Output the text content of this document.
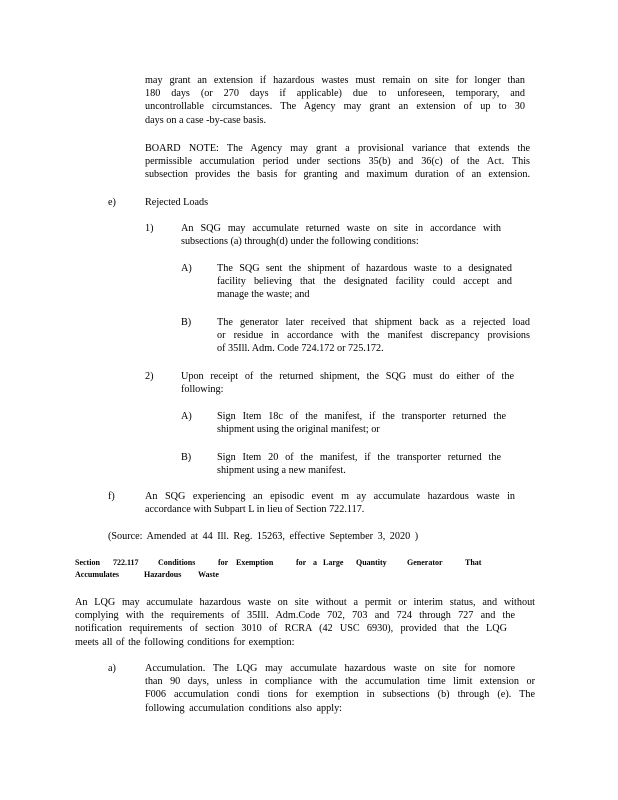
may grant an extension if hazardous wastes must remain on site for longer than
180 days (or 270 days if applicable) due to unforeseen, temporary, and
uncontrollable circumstances. The Agency may grant an extension of up to 30
days on a case -by-case basis.
BOARD NOTE: The Agency may grant a provisional variance that extends the
permissible accumulation period under sections 35(b) and 36(c) of the Act. This
subsection provides the basis for granting and maximum duration of an extension.
e)	Rejected Loads
1)	An SQG may accumulate returned waste on site in accordance with
subsections (a) through(d) under the following conditions:
A) The SQG sent the shipment of hazardous waste to a designated
facility believing that the designated facility could accept and
manage the waste; and
B)	The generator later received that shipment back as a rejected load
or residue in accordance with the manifest discrepancy provisions
of 35Ill. Adm. Code 724.172 or 725.172.
2)	Upon receipt of the returned shipment, the SQG must do either of the
following:
A) Sign Item 18c of the manifest, if the transporter returned the
shipment using the original manifest; or
B)	Sign Item 20 of the manifest, if the transporter returned the
shipment using a new manifest.
f)	An SQG experiencing an episodic event m ay accumulate hazardous waste in
accordance with Subpart L in lieu of Section 722.117.
(Source: Amended at 44 Ill. Reg. 15263, effective September 3, 2020 )
Section 722.117 Conditions	for Exemption	for a Large Quantity	Generator	That
Accumulates	Hazardous Waste
An LQG may accumulate hazardous waste on site without a permit or interim status, and without
complying with the requirements of 35Ill. Adm.Code 702, 703 and 724 through 727 and the
notification requirements of section 3010 of RCRA (42 USC 6930), provided that the LQG
meets all of the following conditions for exemption:
a)	Accumulation. The LQG may accumulate hazardous waste on site for nomore
than 90 days, unless in compliance with the accumulation time limit extension or
F006 accumulation condi tions for exemption in subsections (b) through (e). The
following accumulation conditions also apply:
